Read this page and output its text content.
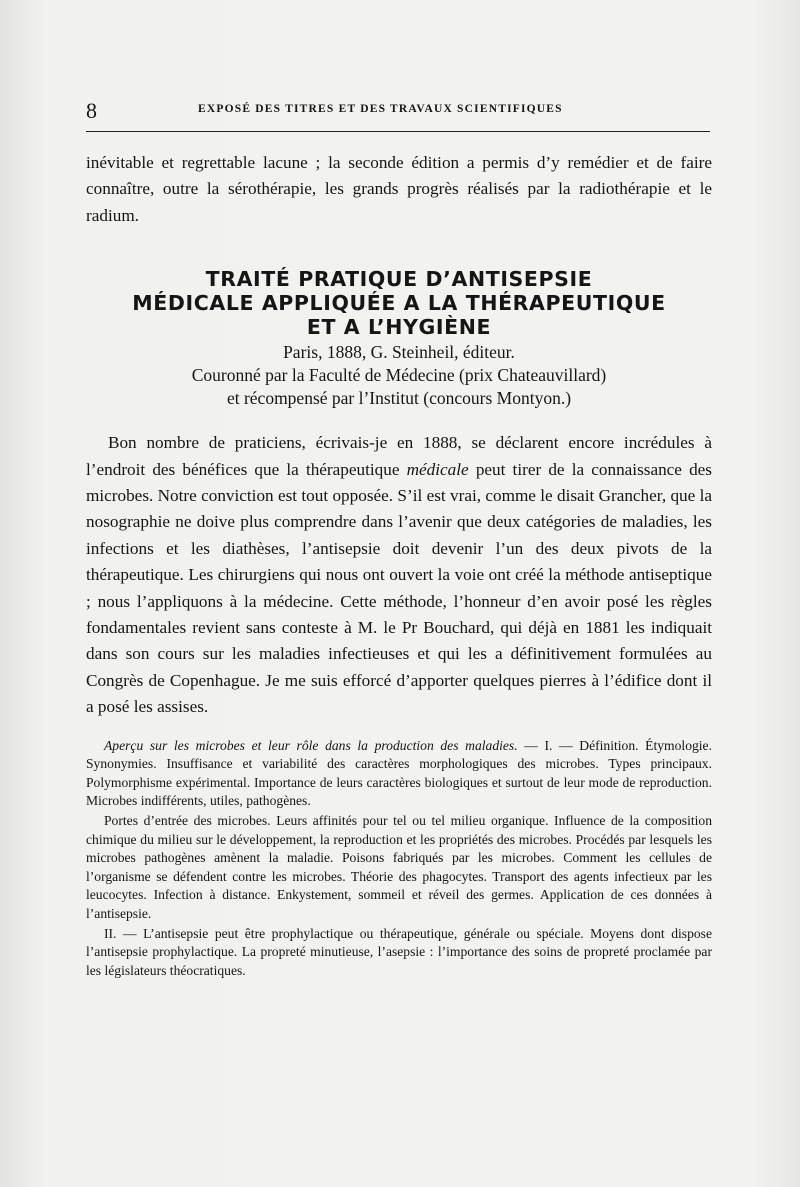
8	EXPOSÉ DES TITRES ET DES TRAVAUX SCIENTIFIQUES

inévitable et regrettable lacune ; la seconde édition a permis d’y remédier et de faire connaître, outre la sérothérapie, les grands progrès réalisés par la radiothérapie et le radium.

TRAITÉ PRATIQUE D’ANTISEPSIE
MÉDICALE APPLIQUÉE A LA THÉRAPEUTIQUE
ET A L’HYGIÈNE
Paris, 1888, G. Steinheil, éditeur.
Couronné par la Faculté de Médecine (prix Chateauvillard)
et récompensé par l’Institut (concours Montyon.)

Bon nombre de praticiens, écrivais-je en 1888, se déclarent encore incrédules à l’endroit des bénéfices que la thérapeutique médicale peut tirer de la connaissance des microbes. Notre conviction est tout opposée. S’il est vrai, comme le disait Grancher, que la nosographie ne doive plus comprendre dans l’avenir que deux catégories de maladies, les infections et les diathèses, l’antisepsie doit devenir l’un des deux pivots de la thérapeutique. Les chirurgiens qui nous ont ouvert la voie ont créé la méthode antiseptique ; nous l’appliquons à la médecine. Cette méthode, l’honneur d’en avoir posé les règles fondamentales revient sans conteste à M. le Pr Bouchard, qui déjà en 1881 les indiquait dans son cours sur les maladies infectieuses et qui les a définitivement formulées au Congrès de Copenhague. Je me suis efforcé d’apporter quelques pierres à l’édifice dont il a posé les assises.

Aperçu sur les microbes et leur rôle dans la production des maladies. — I. — Définition. Étymologie. Synonymies. Insuffisance et variabilité des caractères morphologiques des microbes. Types principaux. Polymorphisme expérimental. Importance de leurs caractères biologiques et surtout de leur mode de reproduction. Microbes indifférents, utiles, pathogènes.

Portes d’entrée des microbes. Leurs affinités pour tel ou tel milieu organique. Influence de la composition chimique du milieu sur le développement, la reproduction et les propriétés des microbes. Procédés par lesquels les microbes pathogènes amènent la maladie. Poisons fabriqués par les microbes. Comment les cellules de l’organisme se défendent contre les microbes. Théorie des phagocytes. Transport des agents infectieux par les leucocytes. Infection à distance. Enkystement, sommeil et réveil des germes. Application de ces données à l’antisepsie.

II. — L’antisepsie peut être prophylactique ou thérapeutique, générale ou spéciale. Moyens dont dispose l’antisepsie prophylactique. La propreté minutieuse, l’asepsie : l’importance des soins de propreté proclamée par les législateurs théocratiques.
